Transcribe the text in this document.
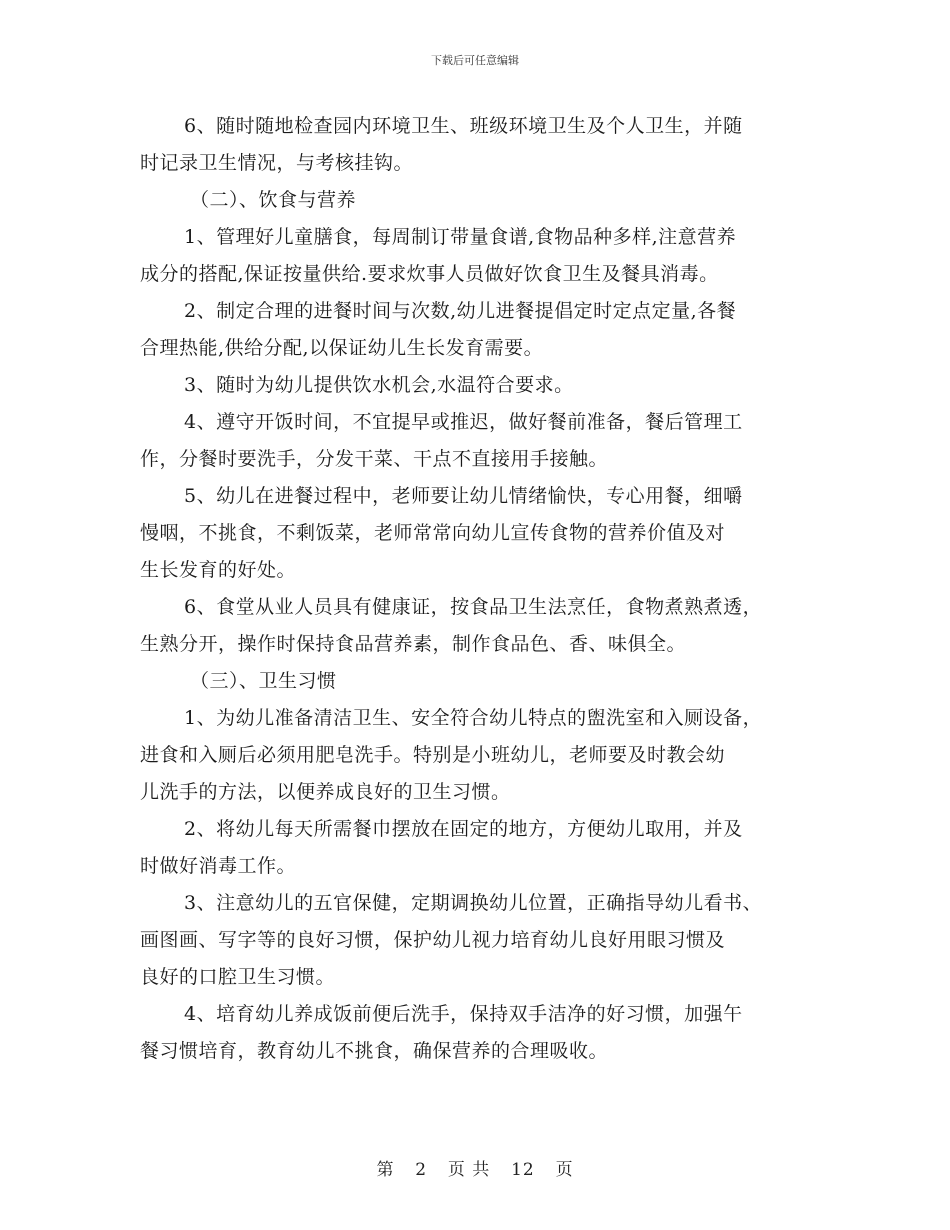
下载后可任意编辑

6、随时随地检查园内环境卫生、班级环境卫生及个人卫生，并随
时记录卫生情况，与考核挂钩。
（二）、饮食与营养
1、管理好儿童膳食，每周制订带量食谱,食物品种多样,注意营养
成分的搭配,保证按量供给.要求炊事人员做好饮食卫生及餐具消毒。
2、制定合理的进餐时间与次数,幼儿进餐提倡定时定点定量,各餐
合理热能,供给分配,以保证幼儿生长发育需要。
3、随时为幼儿提供饮水机会,水温符合要求。
4、遵守开饭时间，不宜提早或推迟，做好餐前准备，餐后管理工
作，分餐时要洗手，分发干菜、干点不直接用手接触。
5、幼儿在进餐过程中，老师要让幼儿情绪愉快，专心用餐，细嚼
慢咽，不挑食，不剩饭菜，老师常常向幼儿宣传食物的营养价值及对
生长发育的好处。
6、食堂从业人员具有健康证，按食品卫生法烹任，食物煮熟煮透，
生熟分开，操作时保持食品营养素，制作食品色、香、味俱全。
（三）、卫生习惯
1、为幼儿准备清洁卫生、安全符合幼儿特点的盥洗室和入厕设备，
进食和入厕后必须用肥皂洗手。特别是小班幼儿，老师要及时教会幼
儿洗手的方法，以便养成良好的卫生习惯。
2、将幼儿每天所需餐巾摆放在固定的地方，方便幼儿取用，并及
时做好消毒工作。
3、注意幼儿的五官保健，定期调换幼儿位置，正确指导幼儿看书、
画图画、写字等的良好习惯，保护幼儿视力培育幼儿良好用眼习惯及
良好的口腔卫生习惯。
4、培育幼儿养成饭前便后洗手，保持双手洁净的好习惯，加强午
餐习惯培育，教育幼儿不挑食，确保营养的合理吸收。

第 2 页 共 12 页
